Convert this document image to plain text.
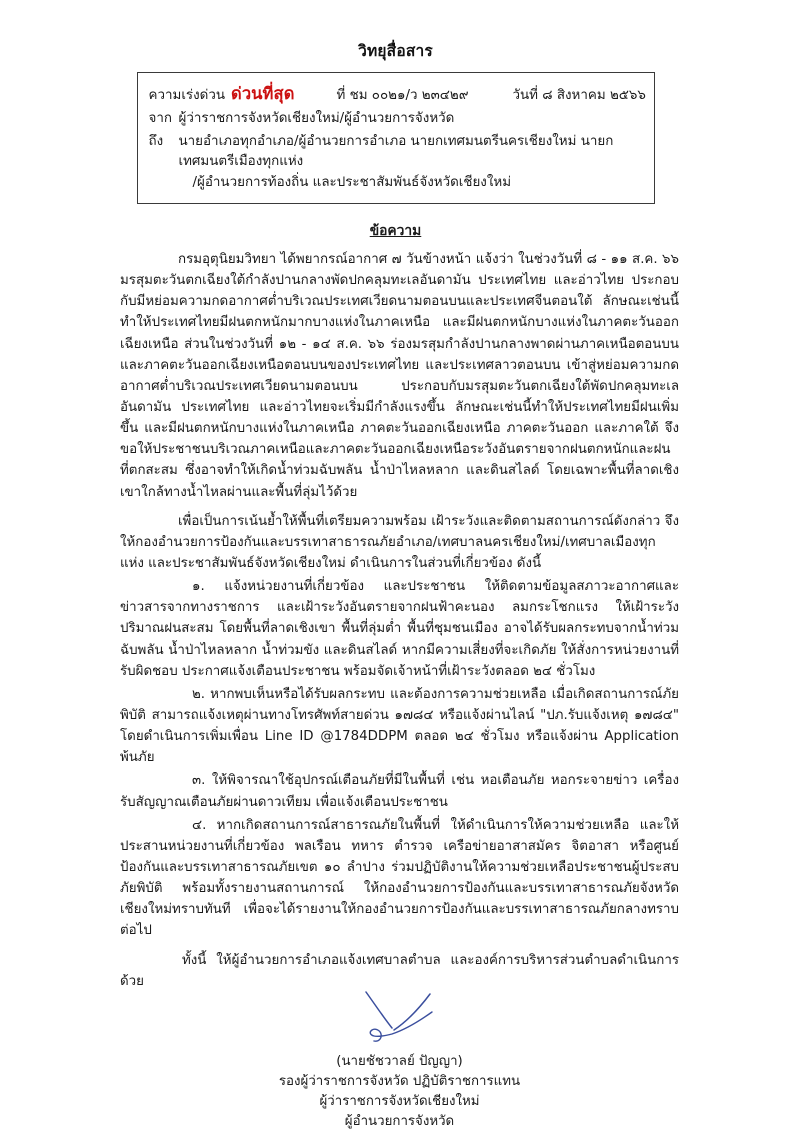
วิทยุสื่อสาร
ความเร่งด่วน ด่วนที่สุด	ที่ ชม ๐๐๒๑/ว ๒๓๔๒๙	วันที่ ๘ สิงหาคม ๒๕๖๖
จาก ผู้ว่าราชการจังหวัดเชียงใหม่/ผู้อำนวยการจังหวัด
ถึง	นายอำเภอทุกอำเภอ/ผู้อำนวยการอำเภอ นายกเทศมนตรีนครเชียงใหม่ นายกเทศมนตรีเมืองทุกแห่ง
/ผู้อำนวยการท้องถิ่น และประชาสัมพันธ์จังหวัดเชียงใหม่
ข้อความ

กรมอุตุนิยมวิทยา ได้พยากรณ์อากาศ ๗ วันข้างหน้า แจ้งว่า ในช่วงวันที่ ๘ - ๑๑ ส.ค. ๖๖ มรสุมตะวันตกเฉียงใต้กำลังปานกลางพัดปกคลุมทะเลอันดามัน ประเทศไทย และอ่าวไทย ประกอบกับมีหย่อมความกดอากาศต่ำบริเวณประเทศเวียดนามตอนบนและประเทศจีนตอนใต้ ลักษณะเช่นนี้ทำให้ประเทศไทยมีฝนตกหนักมากบางแห่งในภาคเหนือ และมีฝนตกหนักบางแห่งในภาคตะวันออกเฉียงเหนือ ส่วนในช่วงวันที่ ๑๒ - ๑๔ ส.ค. ๖๖ ร่องมรสุมกำลังปานกลางพาดผ่านภาคเหนือตอนบนและภาคตะวันออกเฉียงเหนือตอนบนของประเทศไทย และประเทศลาวตอนบน เข้าสู่หย่อมความกดอากาศต่ำบริเวณประเทศเวียดนามตอนบน ประกอบกับมรสุมตะวันตกเฉียงใต้พัดปกคลุมทะเลอันดามัน ประเทศไทย และอ่าวไทยจะเริ่มมีกำลังแรงขึ้น ลักษณะเช่นนี้ทำให้ประเทศไทยมีฝนเพิ่มขึ้น และมีฝนตกหนักบางแห่งในภาคเหนือ ภาคตะวันออกเฉียงเหนือ ภาคตะวันออก และภาคใต้ จึงขอให้ประชาชนบริเวณภาคเหนือและภาคตะวันออกเฉียงเหนือระวังอันตรายจากฝนตกหนักและฝนที่ตกสะสม ซึ่งอาจทำให้เกิดน้ำท่วมฉับพลัน น้ำป่าไหลหลาก และดินสไลด์ โดยเฉพาะพื้นที่ลาดเชิงเขาใกล้ทางน้ำไหลผ่านและพื้นที่ลุ่มไว้ด้วย

เพื่อเป็นการเน้นย้ำให้พื้นที่เตรียมความพร้อม เฝ้าระวังและติดตามสถานการณ์ดังกล่าว จึงให้กองอำนวยการป้องกันและบรรเทาสาธารณภัยอำเภอ/เทศบาลนครเชียงใหม่/เทศบาลเมืองทุกแห่ง และประชาสัมพันธ์จังหวัดเชียงใหม่ ดำเนินการในส่วนที่เกี่ยวข้อง ดังนี้

๑. แจ้งหน่วยงานที่เกี่ยวข้อง และประชาชน ให้ติดตามข้อมูลสภาวะอากาศและข่าวสารจากทางราชการ และเฝ้าระวังอันตรายจากฝนฟ้าคะนอง ลมกระโชกแรง ให้เฝ้าระวังปริมาณฝนสะสม โดยพื้นที่ลาดเชิงเขา พื้นที่ลุ่มต่ำ พื้นที่ชุมชนเมือง อาจได้รับผลกระทบจากน้ำท่วมฉับพลัน น้ำป่าไหลหลาก น้ำท่วมขัง และดินสไลด์ หากมีความเสี่ยงที่จะเกิดภัย ให้สั่งการหน่วยงานที่รับผิดชอบ ประกาศแจ้งเตือนประชาชน พร้อมจัดเจ้าหน้าที่เฝ้าระวังตลอด ๒๔ ชั่วโมง

๒. หากพบเห็นหรือได้รับผลกระทบ และต้องการความช่วยเหลือ เมื่อเกิดสถานการณ์ภัยพิบัติ สามารถแจ้งเหตุผ่านทางโทรศัพท์สายด่วน ๑๗๘๔ หรือแจ้งผ่านไลน์ "ปภ.รับแจ้งเหตุ ๑๗๘๔" โดยดำเนินการเพิ่มเพื่อน Line ID @1784DDPM ตลอด ๒๔ ชั่วโมง หรือแจ้งผ่าน Application พ้นภัย

๓. ให้พิจารณาใช้อุปกรณ์เตือนภัยที่มีในพื้นที่ เช่น หอเตือนภัย หอกระจายข่าว เครื่องรับสัญญาณเตือนภัยผ่านดาวเทียม เพื่อแจ้งเตือนประชาชน

๔. หากเกิดสถานการณ์สาธารณภัยในพื้นที่ ให้ดำเนินการให้ความช่วยเหลือ และให้ประสานหน่วยงานที่เกี่ยวข้อง พลเรือน ทหาร ตำรวจ เครือข่ายอาสาสมัคร จิตอาสา หรือศูนย์ป้องกันและบรรเทาสาธารณภัยเขต ๑๐ ลำปาง ร่วมปฏิบัติงานให้ความช่วยเหลือประชาชนผู้ประสบภัยพิบัติ พร้อมทั้งรายงานสถานการณ์ ให้กองอำนวยการป้องกันและบรรเทาสาธารณภัยจังหวัดเชียงใหม่ทราบทันที เพื่อจะได้รายงานให้กองอำนวยการป้องกันและบรรเทาสาธารณภัยกลางทราบต่อไป

ทั้งนี้ ให้ผู้อำนวยการอำเภอแจ้งเทศบาลตำบล และองค์การบริหารส่วนตำบลดำเนินการด้วย

(นายชัชวาลย์ ปัญญา)
รองผู้ว่าราชการจังหวัด ปฏิบัติราชการแทน
ผู้ว่าราชการจังหวัดเชียงใหม่
ผู้อำนวยการจังหวัด
